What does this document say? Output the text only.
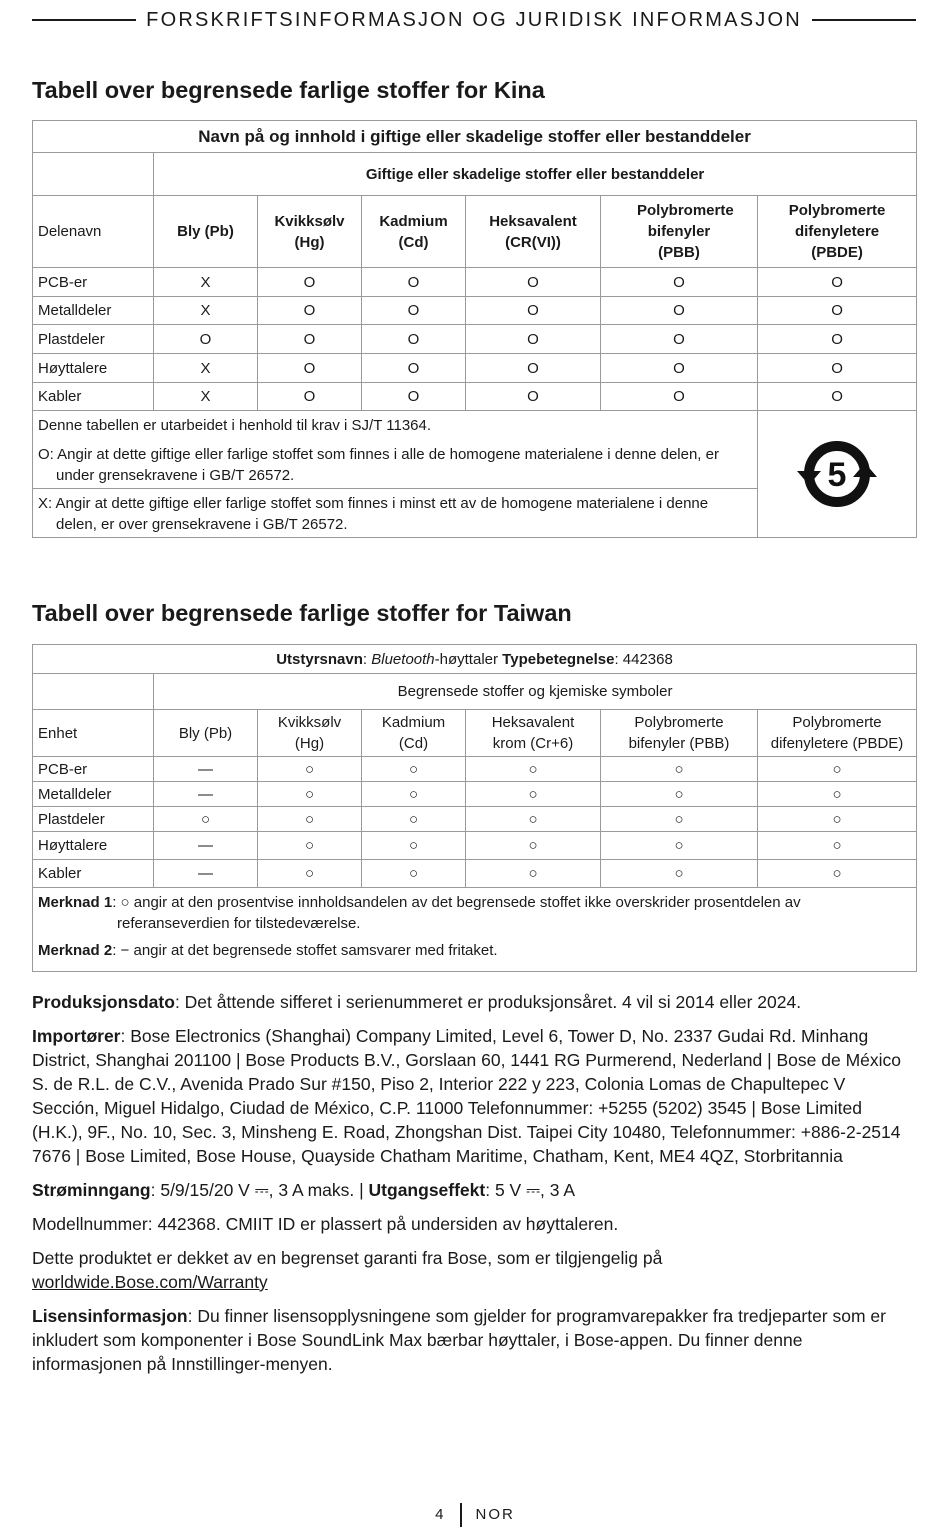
FORSKRIFTSINFORMASJON OG JURIDISK INFORMASJON
Tabell over begrensede farlige stoffer for Kina
Navn på og innhold i giftige eller skadelige stoffer eller bestanddeler						
	Giftige eller skadelige stoffer eller bestanddeler					
Delenavn	Bly (Pb)	Kvikksølv (Hg)	Kadmium (Cd)	Heksavalent (CR(VI))	Polybromerte bifenyler (PBB)	Polybromerte difenyletere (PBDE)
PCB-er	X	O	O	O	O	O
Metalldeler	X	O	O	O	O	O
Plastdeler	O	O	O	O	O	O
Høyttalere	X	O	O	O	O	O
Kabler	X	O	O	O	O	O

Denne tabellen er utarbeidet i henhold til krav i SJ/T 11364.

O: Angir at dette giftige eller farlige stoffet som finnes i alle de homogene materialene i denne delen, er under grensekravene i GB/T 26572.						5

X: Angir at dette giftige eller farlige stoffet som finnes i minst ett av de homogene materialene i denne delen, er over grensekravene i GB/T 26572.						

Tabell over begrensede farlige stoffer for Taiwan
Utstyrsnavn: Bluetooth-høyttaler Typebetegnelse: 442368						
	Begrensede stoffer og kjemiske symboler					
Enhet	Bly (Pb)	Kvikksølv (Hg)	Kadmium (Cd)	Heksavalent krom (Cr+6)	Polybromerte bifenyler (PBB)	Polybromerte difenyletere (PBDE)
PCB-er	—	○	○	○	○	○
Metalldeler	—	○	○	○	○	○
Plastdeler	○	○	○	○	○	○
Høyttalere	—	○	○	○	○	○
Kabler	—	○	○	○	○	○

Merknad 1: ○ angir at den prosentvise innholdsandelen av det begrensede stoffet ikke overskrider prosentdelen av referanseverdien for tilstedeværelse.

Merknad 2: − angir at det begrensede stoffet samsvarer med fritaket.						

Produksjonsdato: Det åttende sifferet i serienummeret er produksjonsåret. 4 vil si 2014 eller 2024.

Importører: Bose Electronics (Shanghai) Company Limited, Level 6, Tower D, No. 2337 Gudai Rd. Minhang District, Shanghai 201100 | Bose Products B.V., Gorslaan 60, 1441 RG Purmerend, Nederland | Bose de México S. de R.L. de C.V., Avenida Prado Sur #150, Piso 2, Interior 222 y 223, Colonia Lomas de Chapultepec V Sección, Miguel Hidalgo, Ciudad de México, C.P. 11000 Telefonnummer: +5255 (5202) 3545 | Bose Limited (H.K.), 9F., No. 10, Sec. 3, Minsheng E. Road, Zhongshan Dist. Taipei City 10480, Telefonnummer: +886-2-2514 7676 | Bose Limited, Bose House, Quayside Chatham Maritime, Chatham, Kent, ME4 4QZ, Storbritannia

Strøminngang: 5/9/15/20 V ⎓, 3 A maks. | Utgangseffekt: 5 V ⎓, 3 A

Modellnummer: 442368. CMIIT ID er plassert på undersiden av høyttaleren.

Dette produktet er dekket av en begrenset garanti fra Bose, som er tilgjengelig på
worldwide.Bose.com/Warranty

Lisensinformasjon: Du finner lisensopplysningene som gjelder for programvarepakker fra tredjeparter som er inkludert som komponenter i Bose SoundLink Max bærbar høyttaler, i Bose-appen. Du finner denne informasjonen på Innstillinger-menyen.

4 NOR
